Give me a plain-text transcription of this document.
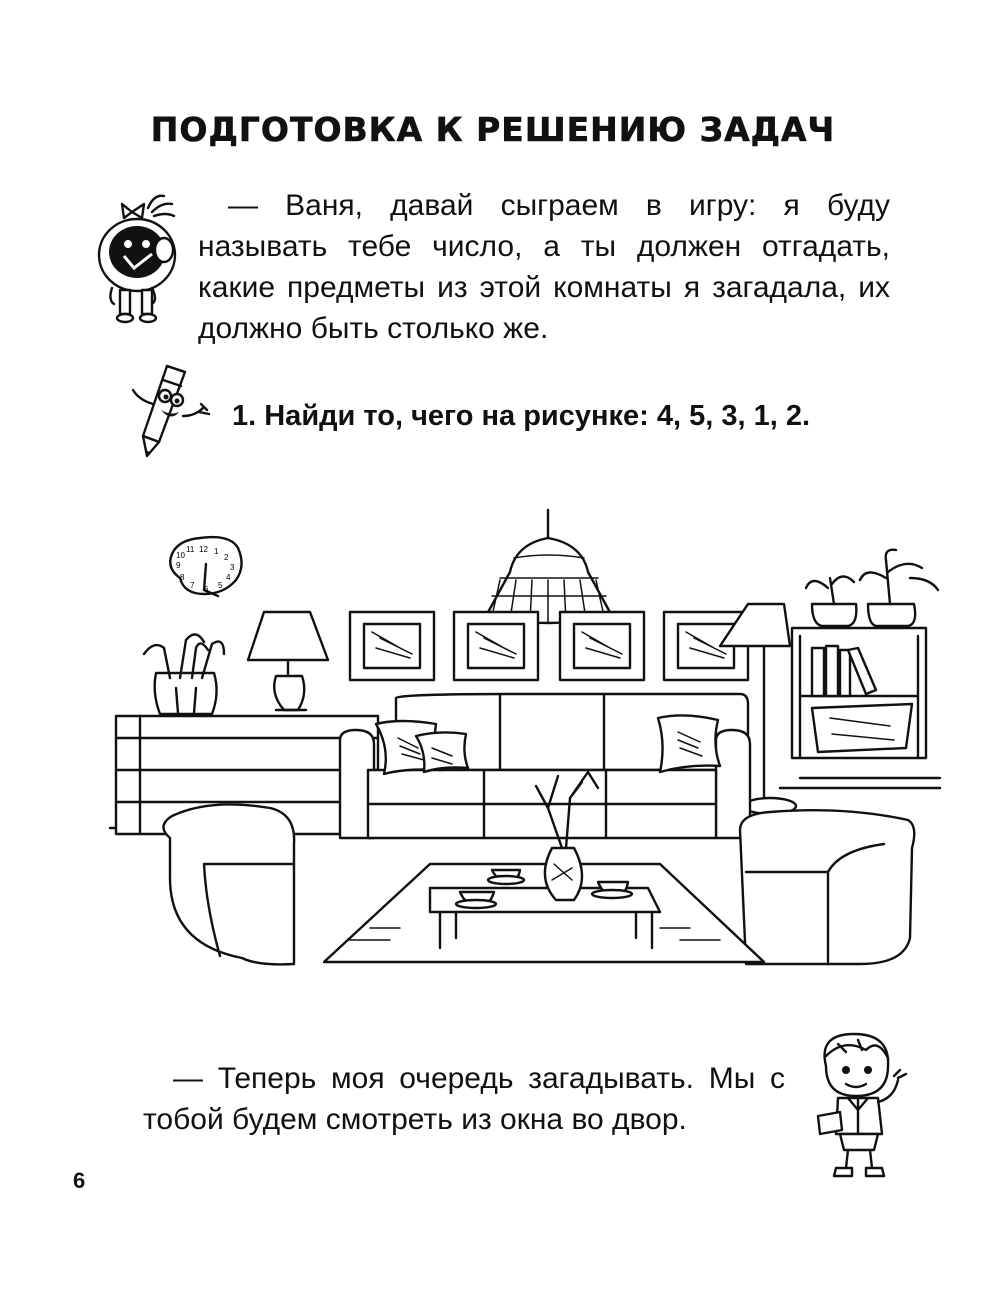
ПОДГОТОВКА К РЕШЕНИЮ ЗАДАЧ
— Ваня, давай сыграем в игру: я буду называть тебе число, а ты должен отгадать, какие предметы из этой комнаты я загадала, их должно быть столько же.
1. Найди то, чего на рисунке: 4, 5, 3, 1, 2.
12 1
2
3
4
5
6
7
8
9
10
11
— Теперь моя очередь загадывать. Мы с тобой будем смотреть из окна во двор.
6
